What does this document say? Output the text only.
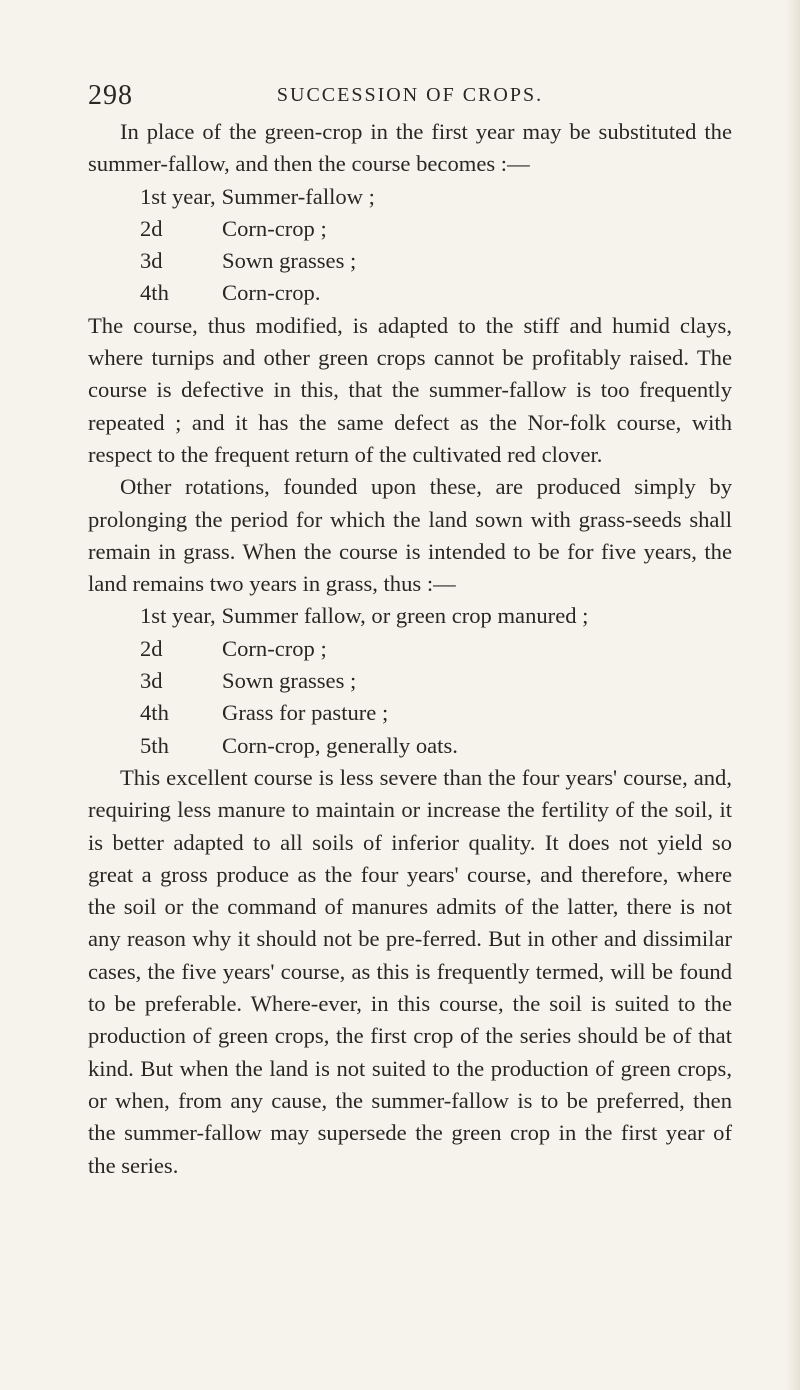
298	SUCCESSION OF CROPS.

In place of the green-crop in the first year may be substituted the summer-fallow, and then the course becomes :—

1st year, Summer-fallow ;
2d	Corn-crop ;
3d	Sown grasses ;
4th Corn-crop.

The course, thus modified, is adapted to the stiff and humid clays, where turnips and other green crops cannot be profitably raised. The course is defective in this, that the summer-fallow is too frequently repeated ; and it has the same defect as the Nor-folk course, with respect to the frequent return of the cultivated red clover.

Other rotations, founded upon these, are produced simply by prolonging the period for which the land sown with grass-seeds shall remain in grass. When the course is intended to be for five years, the land remains two years in grass, thus :—

1st year, Summer fallow, or green crop manured ;
2d	Corn-crop ;
3d	Sown grasses ;
4th Grass for pasture ;
5th Corn-crop, generally oats.

This excellent course is less severe than the four years' course, and, requiring less manure to maintain or increase the fertility of the soil, it is better adapted to all soils of inferior quality. It does not yield so great a gross produce as the four years' course, and therefore, where the soil or the command of manures admits of the latter, there is not any reason why it should not be pre-ferred. But in other and dissimilar cases, the five years' course, as this is frequently termed, will be found to be preferable. Where-ever, in this course, the soil is suited to the production of green crops, the first crop of the series should be of that kind. But when the land is not suited to the production of green crops, or when, from any cause, the summer-fallow is to be preferred, then the summer-fallow may supersede the green crop in the first year of the series.
